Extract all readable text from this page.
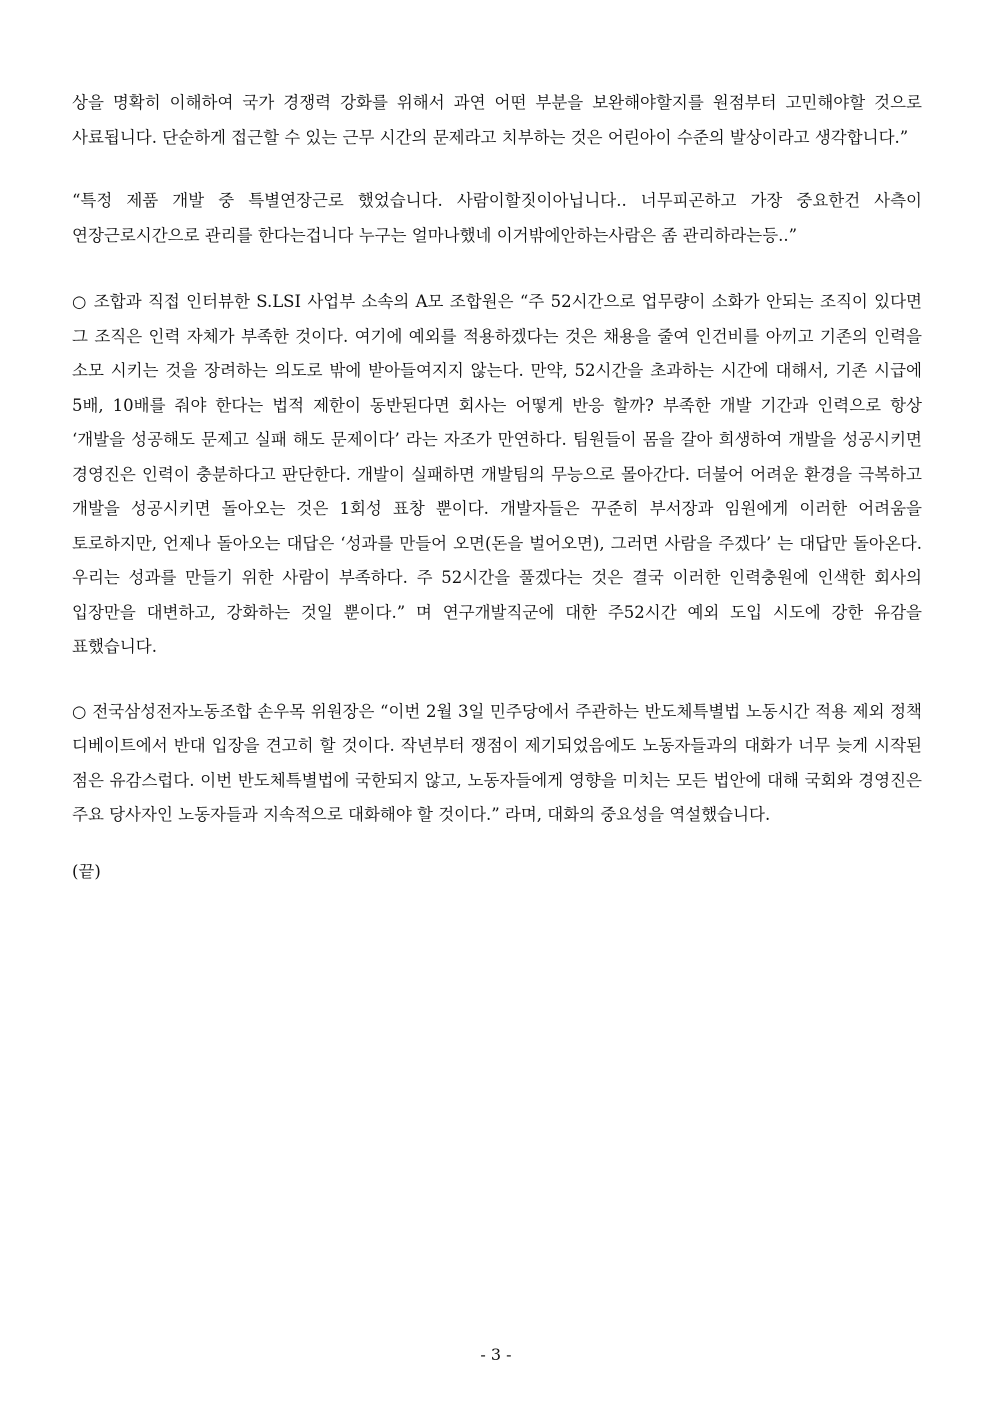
상을 명확히 이해하여 국가 경쟁력 강화를 위해서 과연 어떤 부분을 보완해야할지를 원점부터 고민해야할 것으로 사료됩니다. 단순하게 접근할 수 있는 근무 시간의 문제라고 치부하는 것은 어린아이 수준의 발상이라고 생각합니다.”

“특정 제품 개발 중 특별연장근로 했었습니다. 사람이할짓이아닙니다.. 너무피곤하고 가장 중요한건 사측이 연장근로시간으로 관리를 한다는겁니다 누구는 얼마나했네 이거밖에안하는사람은 좀 관리하라는등..”

○ 조합과 직접 인터뷰한 S.LSI 사업부 소속의 A모 조합원은 “주 52시간으로 업무량이 소화가 안되는 조직이 있다면 그 조직은 인력 자체가 부족한 것이다. 여기에 예외를 적용하겠다는 것은 채용을 줄여 인건비를 아끼고 기존의 인력을 소모 시키는 것을 장려하는 의도로 밖에 받아들여지지 않는다. 만약, 52시간을 초과하는 시간에 대해서, 기존 시급에 5배, 10배를 줘야 한다는 법적 제한이 동반된다면 회사는 어떻게 반응 할까? 부족한 개발 기간과 인력으로 항상 ‘개발을 성공해도 문제고 실패 해도 문제이다’ 라는 자조가 만연하다. 팀원들이 몸을 갈아 희생하여 개발을 성공시키면 경영진은 인력이 충분하다고 판단한다. 개발이 실패하면 개발팀의 무능으로 몰아간다. 더불어 어려운 환경을 극복하고 개발을 성공시키면 돌아오는 것은 1회성 표창 뿐이다. 개발자들은 꾸준히 부서장과 임원에게 이러한 어려움을 토로하지만, 언제나 돌아오는 대답은 ‘성과를 만들어 오면(돈을 벌어오면), 그러면 사람을 주겠다’ 는 대답만 돌아온다. 우리는 성과를 만들기 위한 사람이 부족하다. 주 52시간을 풀겠다는 것은 결국 이러한 인력충원에 인색한 회사의 입장만을 대변하고, 강화하는 것일 뿐이다.” 며 연구개발직군에 대한 주52시간 예외 도입 시도에 강한 유감을 표했습니다.

○ 전국삼성전자노동조합 손우목 위원장은 “이번 2월 3일 민주당에서 주관하는 반도체특별법 노동시간 적용 제외 정책 디베이트에서 반대 입장을 견고히 할 것이다. 작년부터 쟁점이 제기되었음에도 노동자들과의 대화가 너무 늦게 시작된 점은 유감스럽다. 이번 반도체특별법에 국한되지 않고, 노동자들에게 영향을 미치는 모든 법안에 대해 국회와 경영진은 주요 당사자인 노동자들과 지속적으로 대화해야 할 것이다.” 라며, 대화의 중요성을 역설했습니다.

(끝)

- 3 -
